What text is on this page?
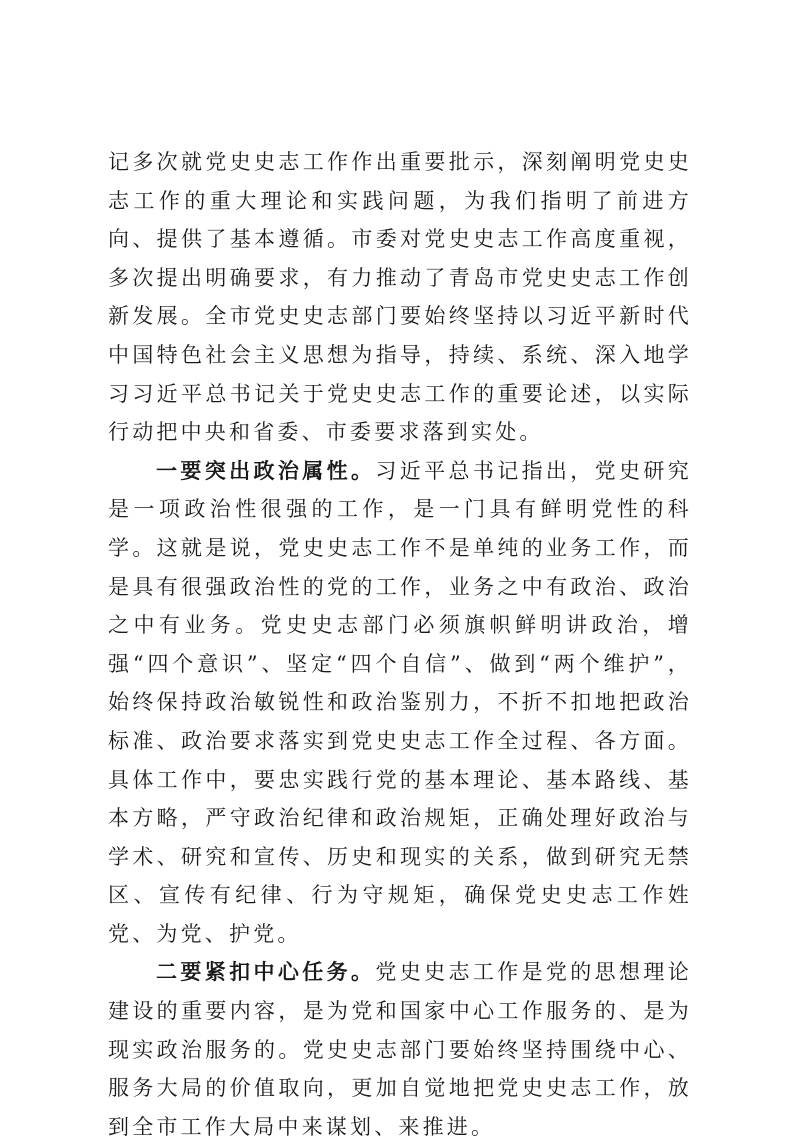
记多次就党史史志工作作出重要批示，深刻阐明党史史志工作的重大理论和实践问题，为我们指明了前进方向、提供了基本遵循。市委对党史史志工作高度重视，多次提出明确要求，有力推动了青岛市党史史志工作创新发展。全市党史史志部门要始终坚持以习近平新时代中国特色社会主义思想为指导，持续、系统、深入地学习习近平总书记关于党史史志工作的重要论述，以实际行动把中央和省委、市委要求落到实处。

一要突出政治属性。习近平总书记指出，党史研究是一项政治性很强的工作，是一门具有鲜明党性的科学。这就是说，党史史志工作不是单纯的业务工作，而是具有很强政治性的党的工作，业务之中有政治、政治之中有业务。党史史志部门必须旗帜鲜明讲政治，增强“四个意识”、坚定“四个自信”、做到“两个维护”，始终保持政治敏锐性和政治鉴别力，不折不扣地把政治标准、政治要求落实到党史史志工作全过程、各方面。具体工作中，要忠实践行党的基本理论、基本路线、基本方略，严守政治纪律和政治规矩，正确处理好政治与学术、研究和宣传、历史和现实的关系，做到研究无禁区、宣传有纪律、行为守规矩，确保党史史志工作姓党、为党、护党。

二要紧扣中心任务。党史史志工作是党的思想理论建设的重要内容，是为党和国家中心工作服务的、是为现实政治服务的。党史史志部门要始终坚持围绕中心、服务大局的价值取向，更加自觉地把党史史志工作，放到全市工作大局中来谋划、来推进。
